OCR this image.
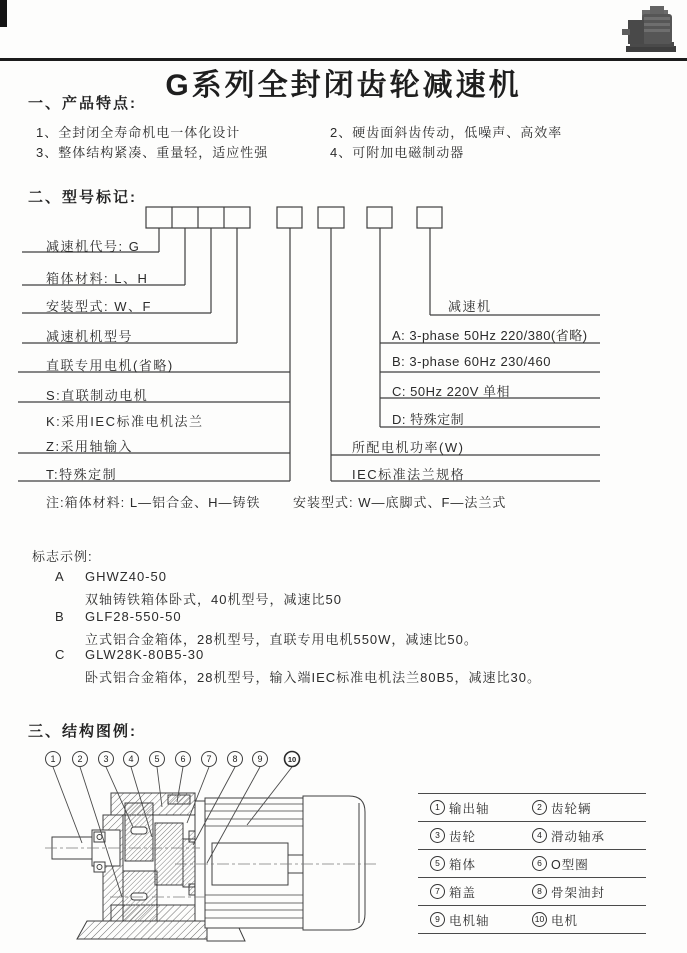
G系列全封闭齿轮减速机
一、产品特点:
1、全封闭全寿命机电一体化设计	2、硬齿面斜齿传动，低噪声、高效率
3、整体结构紧凑、重量轻，适应性强	4、可附加电磁制动器
二、型号标记:
减速机代号: G
箱体材料: L、H
安装型式: W、F
减速机机型号
直联专用电机(省略)
S:直联制动电机
K:采用IEC标准电机法兰
Z:采用轴输入
T:特殊定制
减速机
A: 3-phase 50Hz 220/380(省略)
B: 3-phase 60Hz 230/460
C: 50Hz 220V 单相
D: 特殊定制
所配电机功率(W)
IEC标准法兰规格
注:箱体材料: L—铝合金、H—铸铁	安装型式: W—底脚式、F—法兰式
标志示例:
A GHWZ40-50
双轴铸铁箱体卧式，40机型号，减速比50
B GLF28-550-50
立式铝合金箱体，28机型号，直联专用电机550W，减速比50。
C GLW28K-80B5-30
卧式铝合金箱体，28机型号，输入端IEC标准电机法兰80B5，减速比30。
三、结构图例:
1 2 3 4 5 6 7 8 9	10
1 输出轴	2 齿轮辆
3 齿轮	4 滑动轴承
5 箱体	6 O型圈
7 箱盖	8 骨架油封
9 电机轴	10 电机
